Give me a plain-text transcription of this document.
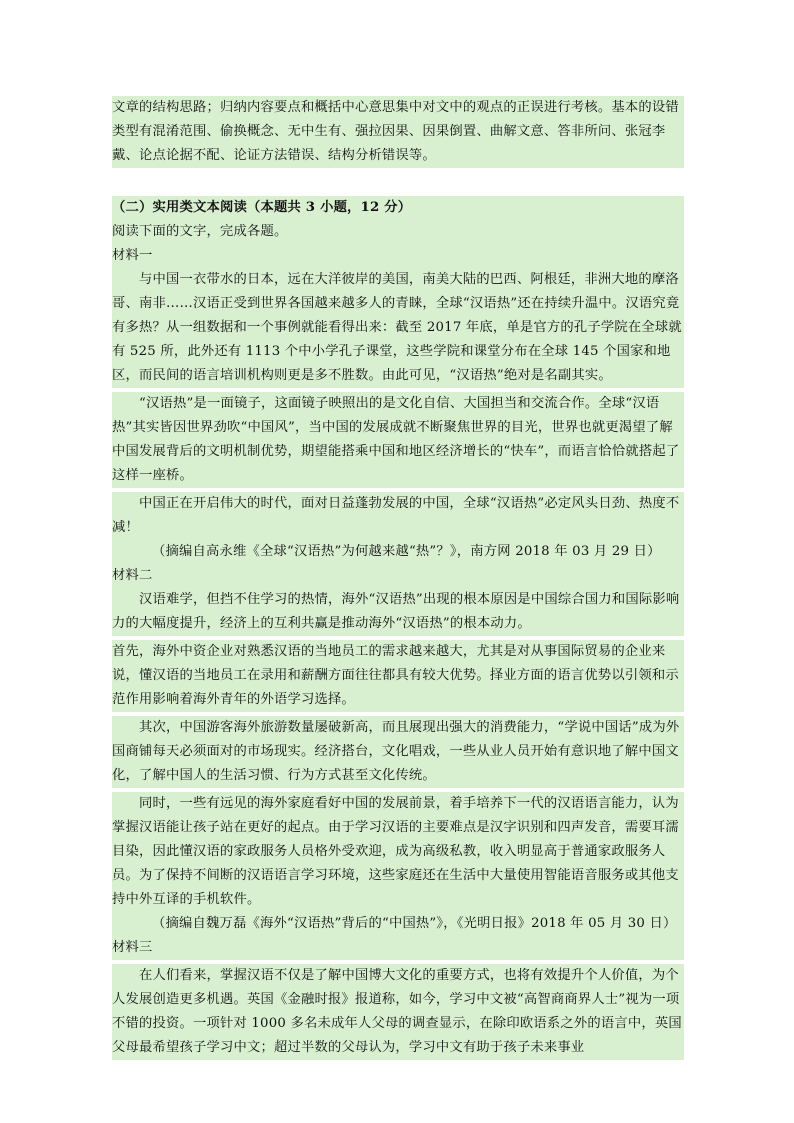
文章的结构思路；归纳内容要点和概括中心意思集中对文中的观点的正误进行考核。基本的设错类型有混淆范围、偷换概念、无中生有、强拉因果、因果倒置、曲解文意、答非所问、张冠李戴、论点论据不配、论证方法错误、结构分析错误等。

（二）实用类文本阅读（本题共 3 小题，12 分）

阅读下面的文字，完成各题。

材料一

与中国一衣带水的日本，远在大洋彼岸的美国，南美大陆的巴西、阿根廷，非洲大地的摩洛哥、南非……汉语正受到世界各国越来越多人的青睐，全球“汉语热”还在持续升温中。汉语究竟有多热？从一组数据和一个事例就能看得出来：截至 2017 年底，单是官方的孔子学院在全球就有 525 所，此外还有 1113 个中小学孔子课堂，这些学院和课堂分布在全球 145 个国家和地区，而民间的语言培训机构则更是多不胜数。由此可见，“汉语热”绝对是名副其实。

“汉语热”是一面镜子，这面镜子映照出的是文化自信、大国担当和交流合作。全球“汉语热”其实皆因世界劲吹“中国风”，当中国的发展成就不断聚焦世界的目光，世界也就更渴望了解中国发展背后的文明机制优势，期望能搭乘中国和地区经济增长的“快车”，而语言恰恰就搭起了这样一座桥。

中国正在开启伟大的时代，面对日益蓬勃发展的中国，全球“汉语热”必定风头日劲、热度不减！

（摘编自高永维《全球“汉语热”为何越来越“热”？》，南方网 2018 年 03 月 29 日）

材料二

汉语难学，但挡不住学习的热情，海外“汉语热”出现的根本原因是中国综合国力和国际影响力的大幅度提升，经济上的互利共赢是推动海外“汉语热”的根本动力。

首先，海外中资企业对熟悉汉语的当地员工的需求越来越大，尤其是对从事国际贸易的企业来说，懂汉语的当地员工在录用和薪酬方面往往都具有较大优势。择业方面的语言优势以引领和示范作用影响着海外青年的外语学习选择。

其次，中国游客海外旅游数量屡破新高，而且展现出强大的消费能力，“学说中国话”成为外国商铺每天必须面对的市场现实。经济搭台，文化唱戏，一些从业人员开始有意识地了解中国文化，了解中国人的生活习惯、行为方式甚至文化传统。

同时，一些有远见的海外家庭看好中国的发展前景，着手培养下一代的汉语语言能力，认为掌握汉语能让孩子站在更好的起点。由于学习汉语的主要难点是汉字识别和四声发音，需要耳濡目染，因此懂汉语的家政服务人员格外受欢迎，成为高级私教，收入明显高于普通家政服务人员。为了保持不间断的汉语语言学习环境，这些家庭还在生活中大量使用智能语音服务或其他支持中外互译的手机软件。

（摘编自魏万磊《海外“汉语热”背后的“中国热”》，《光明日报》2018 年 05 月 30 日）

材料三

在人们看来，掌握汉语不仅是了解中国博大文化的重要方式，也将有效提升个人价值，为个人发展创造更多机遇。英国《金融时报》报道称，如今，学习中文被“高智商商界人士”视为一项不错的投资。一项针对 1000 多名未成年人父母的调查显示，在除印欧语系之外的语言中，英国父母最希望孩子学习中文；超过半数的父母认为，学习中文有助于孩子未来事业
